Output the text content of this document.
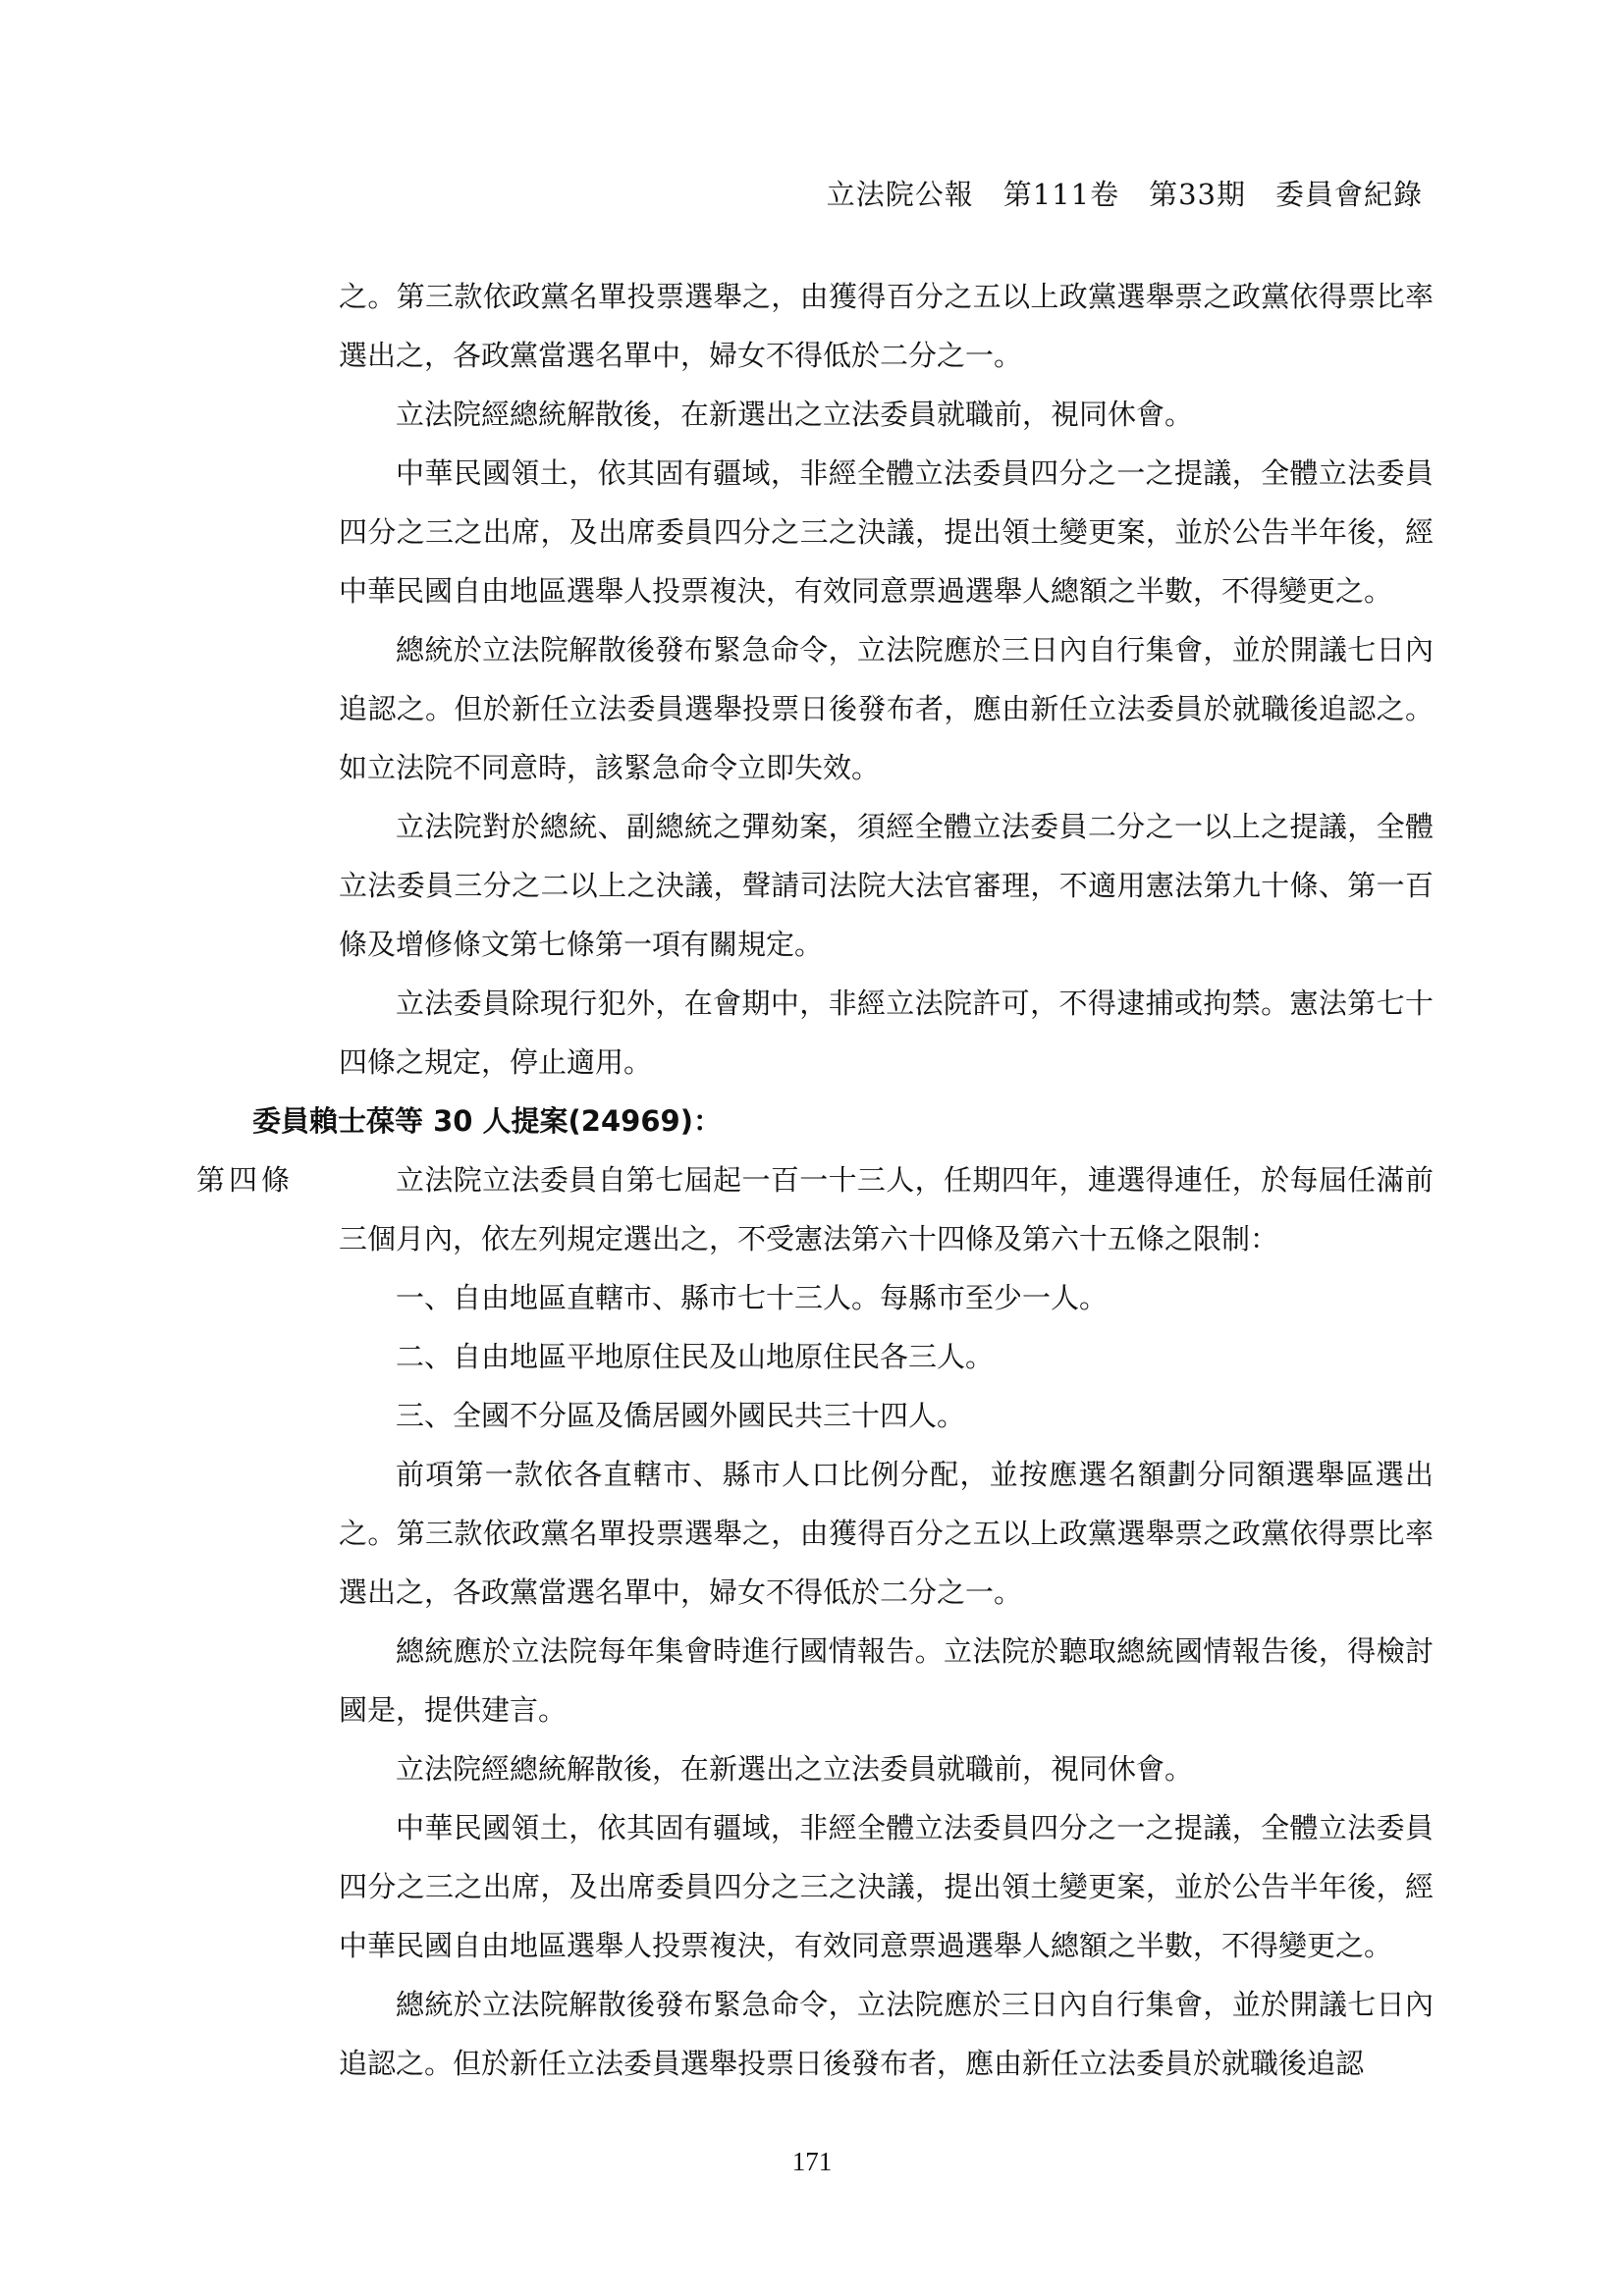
立法院公報　第111卷　第33期　委員會紀錄

之。第三款依政黨名單投票選舉之，由獲得百分之五以上政黨選舉票之政黨依得票比率選出之，各政黨當選名單中，婦女不得低於二分之一。

立法院經總統解散後，在新選出之立法委員就職前，視同休會。

中華民國領土，依其固有疆域，非經全體立法委員四分之一之提議，全體立法委員四分之三之出席，及出席委員四分之三之決議，提出領土變更案，並於公告半年後，經中華民國自由地區選舉人投票複決，有效同意票過選舉人總額之半數，不得變更之。

總統於立法院解散後發布緊急命令，立法院應於三日內自行集會，並於開議七日內追認之。但於新任立法委員選舉投票日後發布者，應由新任立法委員於就職後追認之。如立法院不同意時，該緊急命令立即失效。

立法院對於總統、副總統之彈劾案，須經全體立法委員二分之一以上之提議，全體立法委員三分之二以上之決議，聲請司法院大法官審理，不適用憲法第九十條、第一百條及增修條文第七條第一項有關規定。

立法委員除現行犯外，在會期中，非經立法院許可，不得逮捕或拘禁。憲法第七十四條之規定，停止適用。

委員賴士葆等 30 人提案(24969)：

第 四 條	立法院立法委員自第七屆起一百一十三人，任期四年，連選得連任，於每屆任滿前三個月內，依左列規定選出之，不受憲法第六十四條及第六十五條之限制：

一、自由地區直轄市、縣市七十三人。每縣市至少一人。

二、自由地區平地原住民及山地原住民各三人。

三、全國不分區及僑居國外國民共三十四人。

前項第一款依各直轄市、縣市人口比例分配，並按應選名額劃分同額選舉區選出之。第三款依政黨名單投票選舉之，由獲得百分之五以上政黨選舉票之政黨依得票比率選出之，各政黨當選名單中，婦女不得低於二分之一。

總統應於立法院每年集會時進行國情報告。立法院於聽取總統國情報告後，得檢討國是，提供建言。

立法院經總統解散後，在新選出之立法委員就職前，視同休會。

中華民國領土，依其固有疆域，非經全體立法委員四分之一之提議，全體立法委員四分之三之出席，及出席委員四分之三之決議，提出領土變更案，並於公告半年後，經中華民國自由地區選舉人投票複決，有效同意票過選舉人總額之半數，不得變更之。

總統於立法院解散後發布緊急命令，立法院應於三日內自行集會，並於開議七日內追認之。但於新任立法委員選舉投票日後發布者，應由新任立法委員於就職後追認

171
